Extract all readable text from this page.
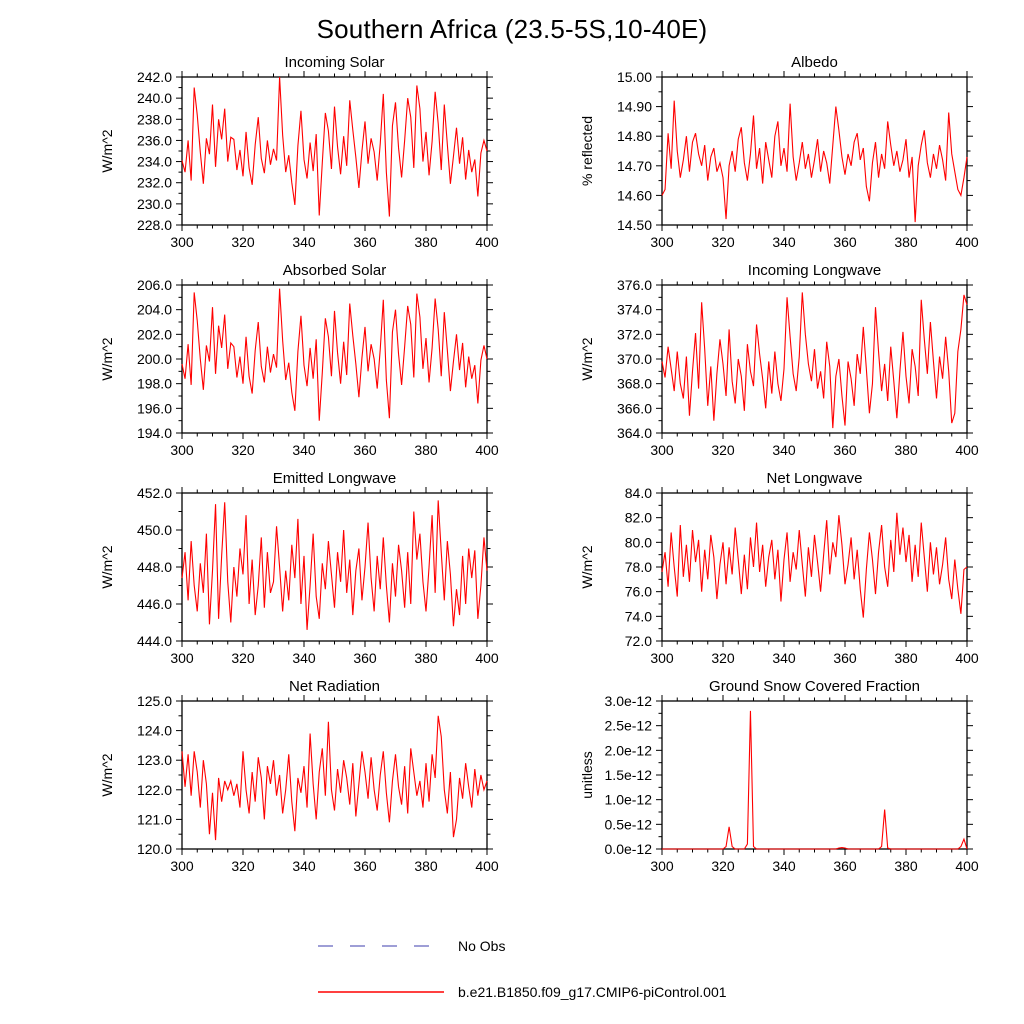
Southern Africa (23.5-5S,10-40E)
Incoming Solar
W/m^2
228.0
230.0
232.0
234.0
236.0
238.0
240.0
242.0
300	320	340	360	380	400
Albedo
% reflected
14.50
14.60
14.70
14.80
14.90
15.00
300	320	340	360	380	400
Absorbed Solar
W/m^2
194.0
196.0
198.0
200.0
202.0
204.0
206.0
300	320	340	360	380	400
Incoming Longwave
W/m^2
364.0
366.0
368.0
370.0
372.0
374.0
376.0
300	320	340	360	380	400
Emitted Longwave
W/m^2
444.0
446.0
448.0
450.0
452.0
300	320	340	360	380	400
Net Longwave
W/m^2
72.0
74.0
76.0
78.0
80.0
82.0
84.0
300	320	340	360	380	400
Net Radiation
W/m^2
120.0
121.0
122.0
123.0
124.0
125.0
300	320	340	360	380	400
Ground Snow Covered Fraction
unitless
0.0e-12
0.5e-12
1.0e-12
1.5e-12
2.0e-12
2.5e-12
3.0e-12
300	320	340	360	380	400
No Obs
b.e21.B1850.f09_g17.CMIP6-piControl.001
